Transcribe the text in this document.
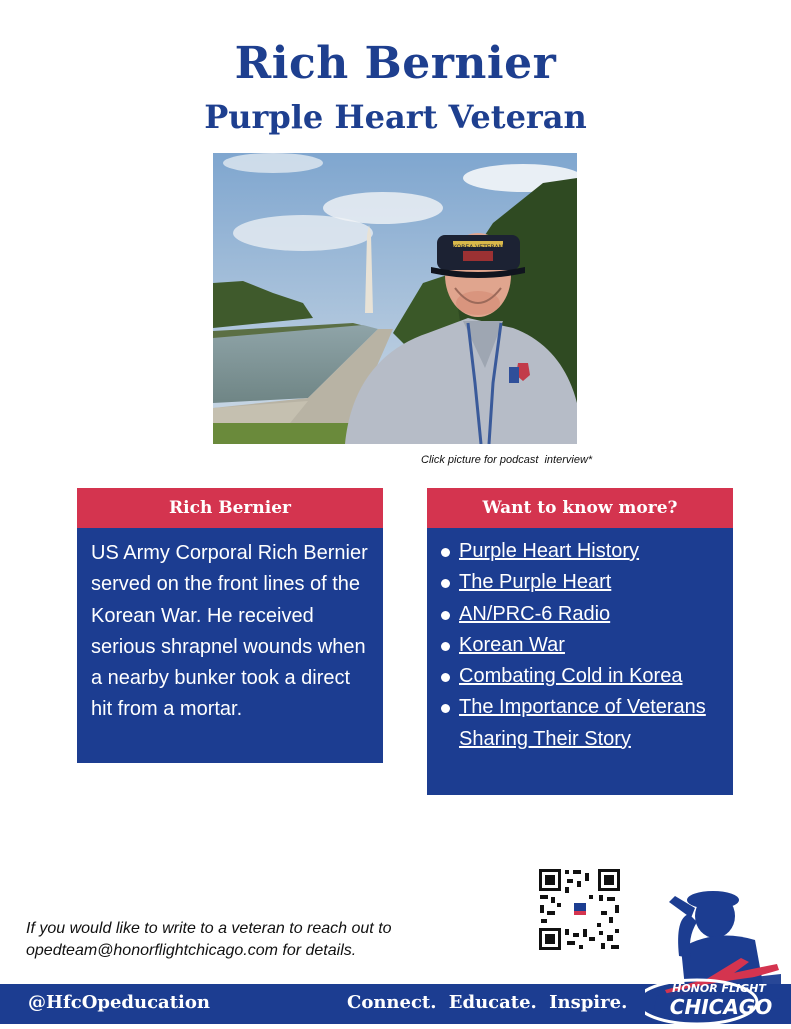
Rich Bernier
Purple Heart Veteran
KOREA VETERAN
Click picture for podcast  interview*
Rich Bernier

US Army Corporal Rich Bernier served on the front lines of the Korean War. He received serious shrapnel wounds when a nearby bunker took a direct hit from a mortar.

Want to know more?
Purple Heart History
The Purple Heart
AN/PRC-6 Radio
Korean War
Combating Cold in Korea
The Importance of Veterans Sharing Their Story

If you would like to write to a veteran to reach out to

opedteam@honorflightchicago.com for details.

@HfcOpeducation	Connect. Educate. Inspire.
HONOR FLIGHT
CHICAGO
